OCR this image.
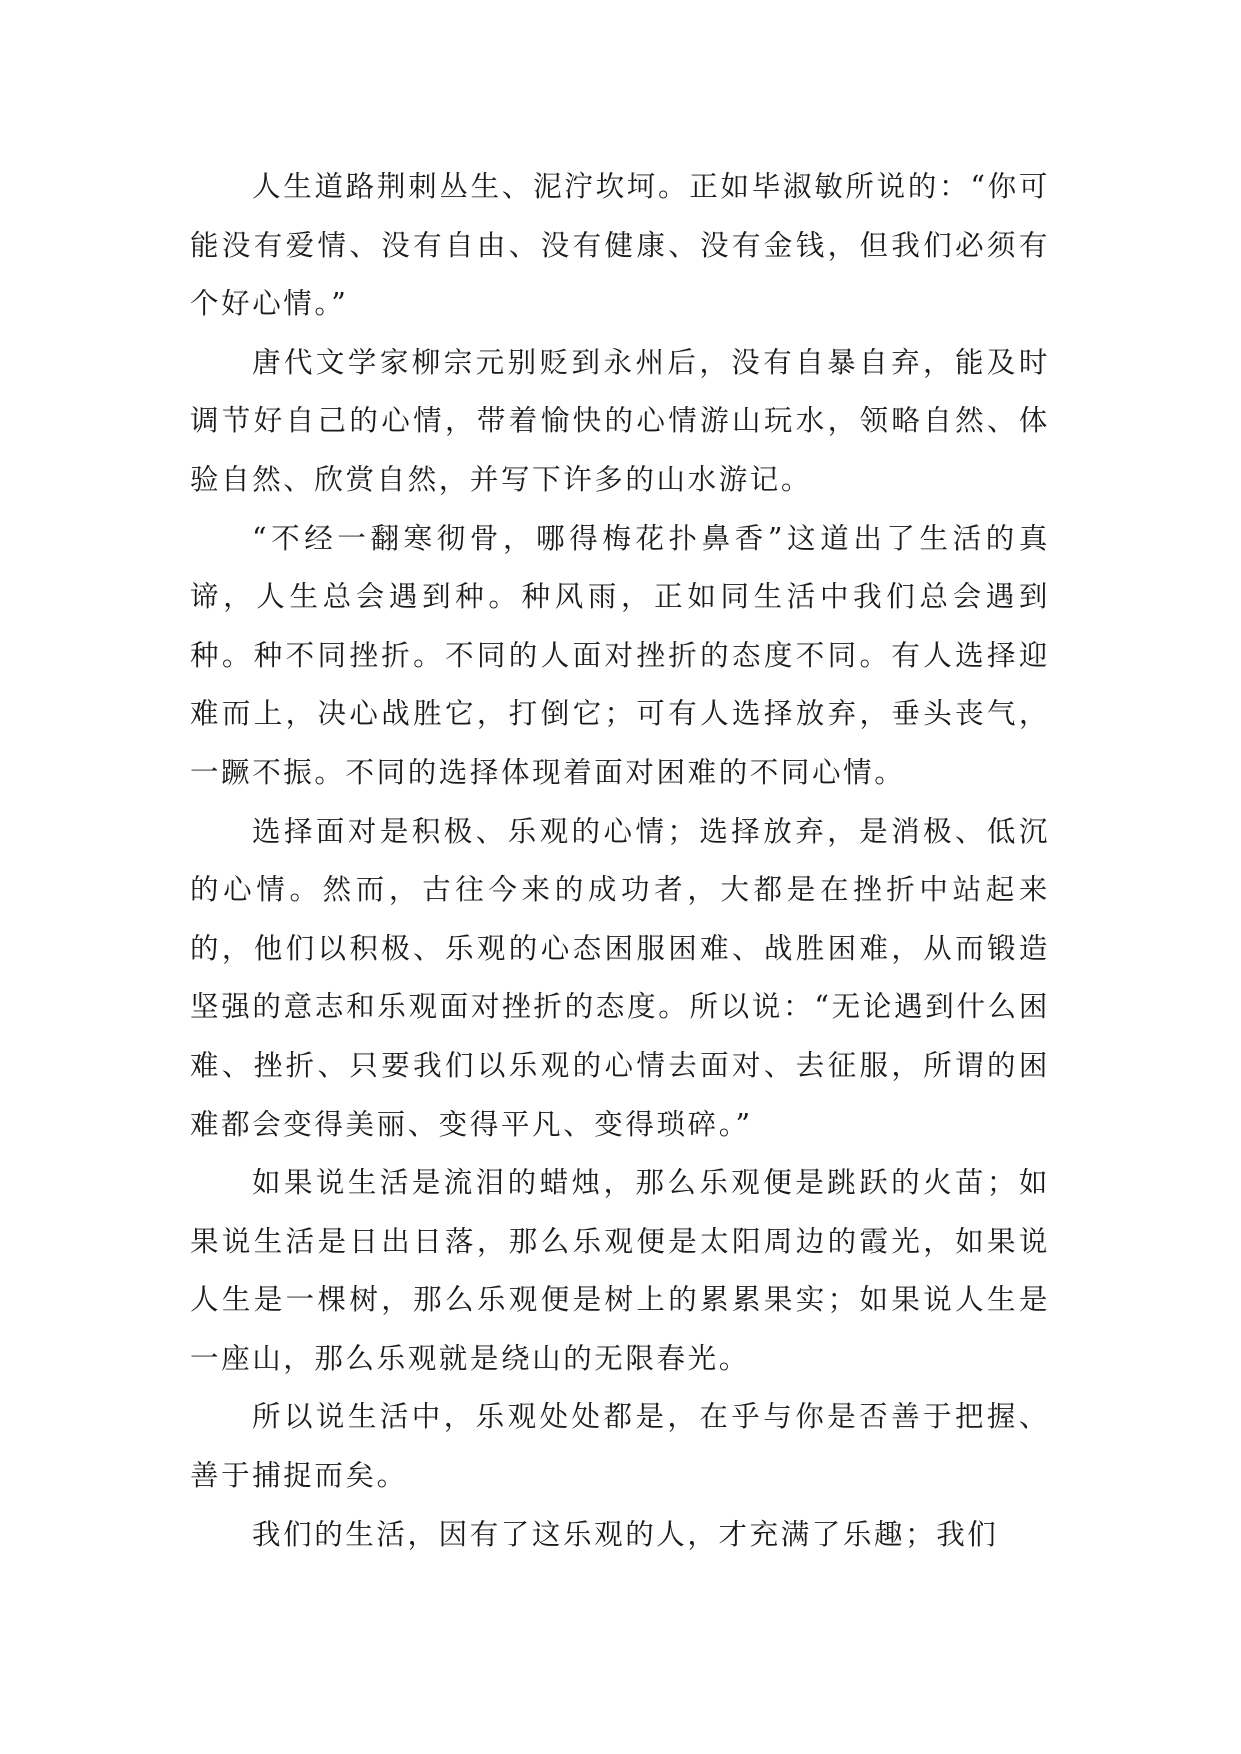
人生道路荆刺丛生、泥泞坎坷。正如毕淑敏所说的：“你可能没有爱情、没有自由、没有健康、没有金钱，但我们必须有个好心情。”

唐代文学家柳宗元别贬到永州后，没有自暴自弃，能及时调节好自己的心情，带着愉快的心情游山玩水，领略自然、体验自然、欣赏自然，并写下许多的山水游记。

“不经一翻寒彻骨，哪得梅花扑鼻香”这道出了生活的真谛，人生总会遇到种。种风雨，正如同生活中我们总会遇到种。种不同挫折。不同的人面对挫折的态度不同。有人选择迎难而上，决心战胜它，打倒它；可有人选择放弃，垂头丧气，一蹶不振。不同的选择体现着面对困难的不同心情。

选择面对是积极、乐观的心情；选择放弃，是消极、低沉的心情。然而，古往今来的成功者，大都是在挫折中站起来的，他们以积极、乐观的心态困服困难、战胜困难，从而锻造坚强的意志和乐观面对挫折的态度。所以说：“无论遇到什么困难、挫折、只要我们以乐观的心情去面对、去征服，所谓的困难都会变得美丽、变得平凡、变得琐碎。”

如果说生活是流泪的蜡烛，那么乐观便是跳跃的火苗；如果说生活是日出日落，那么乐观便是太阳周边的霞光，如果说人生是一棵树，那么乐观便是树上的累累果实；如果说人生是一座山，那么乐观就是绕山的无限春光。

所以说生活中，乐观处处都是，在乎与你是否善于把握、善于捕捉而矣。

我们的生活，因有了这乐观的人，才充满了乐趣；我们
